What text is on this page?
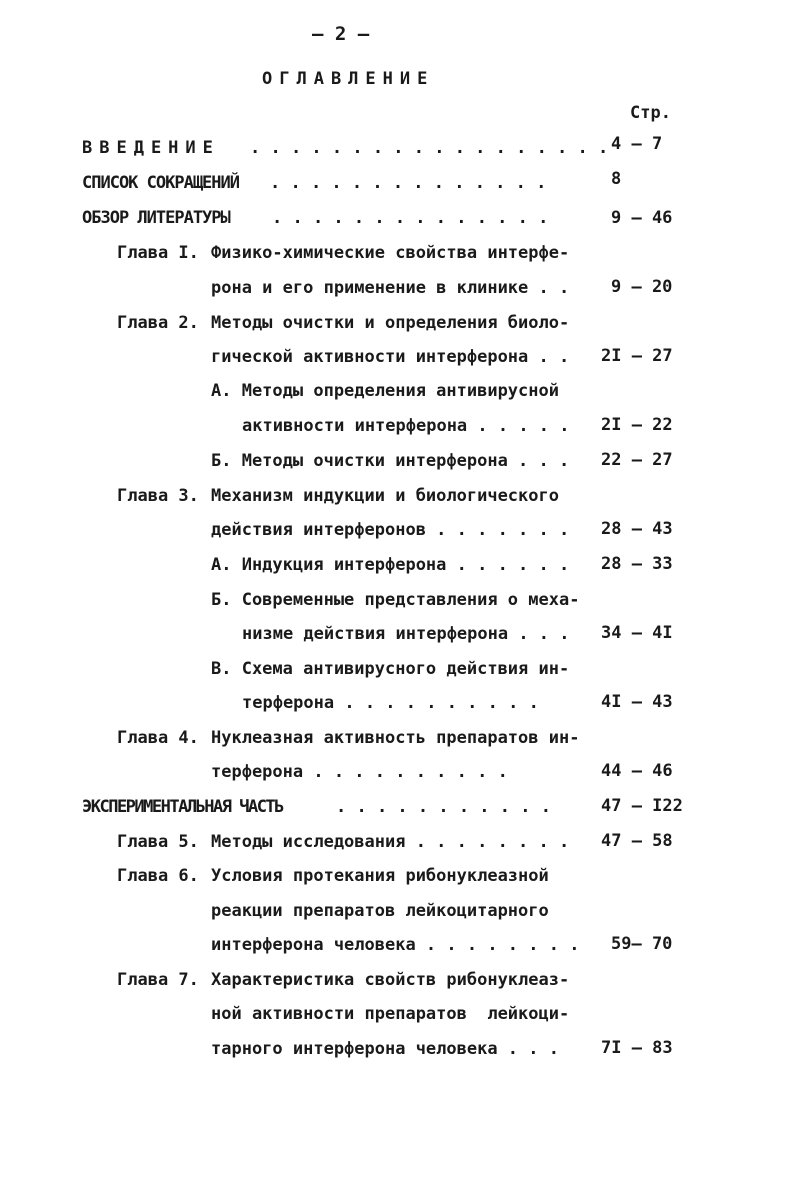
– 2 –
ОГЛАВЛЕНИЕ
Стр.
ВВЕДЕНИЕ . . . . . . . . . . . . . . . . . . 4 – 7
СПИСОК СОКРАЩЕНИЙ . . . . . . . . . . . . . .	8
ОБЗОР ЛИТЕРАТУРЫ . . . . . . . . . . . . . .	9 – 46
Глава I. Физико-химические свойства интерфе-
рона и его применение в клинике . . 9 – 20
Глава 2. Методы очистки и определения биоло-
гической активности интерферона . . 2I – 27
А. Методы определения антивирусной
активности интерферона . . . . . 2I – 22
Б. Методы очистки интерферона . . . 22 – 27
Глава 3. Механизм индукции и биологического
действия интерферонов . . . . . . . 28 – 43
А. Индукция интерферона . . . . . . 28 – 33
Б. Современные представления о меха-
низме действия интерферона . . . 34 – 4I
В. Схема антивирусного действия ин-
терферона . . . . . . . . . .	4I – 43
Глава 4. Нуклеазная активность препаратов ин-
терферона . . . . . . . . . .	44 – 46
ЭКСПЕРИМЕНТАЛЬНАЯ ЧАСТЬ	. . . . . . . . . . .	47 – I22
Глава 5. Методы исследования . . . . . . . . 47 – 58
Глава 6. Условия протекания рибонуклеазной
реакции препаратов лейкоцитарного
интерферона человека . . . . . . . . 59– 70
Глава 7. Характеристика свойств рибонуклеаз-
ной активности препаратов  лейкоци-
тарного интерферона человека . . . 7I – 83
